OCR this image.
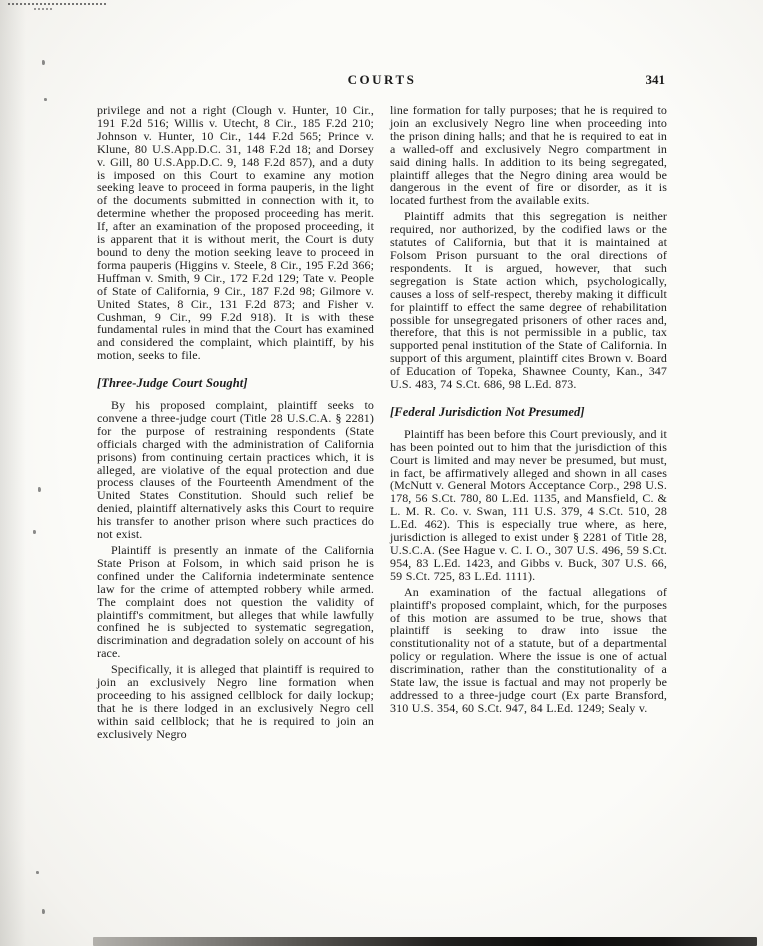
COURTS	341

privilege and not a right (Clough v. Hunter, 10 Cir., 191 F.2d 516; Willis v. Utecht, 8 Cir., 185 F.2d 210; Johnson v. Hunter, 10 Cir., 144 F.2d 565; Prince v. Klune, 80 U.S.App.D.C. 31, 148 F.2d 18; and Dorsey v. Gill, 80 U.S.App.D.C. 9, 148 F.2d 857), and a duty is imposed on this Court to examine any motion seeking leave to proceed in forma pauperis, in the light of the documents submitted in connection with it, to determine whether the proposed proceeding has merit. If, after an examination of the proposed proceeding, it is apparent that it is without merit, the Court is duty bound to deny the motion seeking leave to proceed in forma pauperis (Higgins v. Steele, 8 Cir., 195 F.2d 366; Huffman v. Smith, 9 Cir., 172 F.2d 129; Tate v. People of State of California, 9 Cir., 187 F.2d 98; Gilmore v. United States, 8 Cir., 131 F.2d 873; and Fisher v. Cushman, 9 Cir., 99 F.2d 918). It is with these fundamental rules in mind that the Court has examined and considered the complaint, which plaintiff, by his motion, seeks to file.

[Three-Judge Court Sought]

By his proposed complaint, plaintiff seeks to convene a three-judge court (Title 28 U.S.C.A. § 2281) for the purpose of restraining respondents (State officials charged with the administration of California prisons) from continuing certain practices which, it is alleged, are violative of the equal protection and due process clauses of the Fourteenth Amendment of the United States Constitution. Should such relief be denied, plaintiff alternatively asks this Court to require his transfer to another prison where such practices do not exist.

Plaintiff is presently an inmate of the California State Prison at Folsom, in which said prison he is confined under the California indeterminate sentence law for the crime of attempted robbery while armed. The complaint does not question the validity of plaintiff's commitment, but alleges that while lawfully confined he is subjected to systematic segregation, discrimination and degradation solely on account of his race.

Specifically, it is alleged that plaintiff is required to join an exclusively Negro line formation when proceeding to his assigned cellblock for daily lockup; that he is there lodged in an exclusively Negro cell within said cellblock; that he is required to join an exclusively Negro

line formation for tally purposes; that he is required to join an exclusively Negro line when proceeding into the prison dining halls; and that he is required to eat in a walled-off and exclusively Negro compartment in said dining halls. In addition to its being segregated, plaintiff alleges that the Negro dining area would be dangerous in the event of fire or disorder, as it is located furthest from the available exits.

Plaintiff admits that this segregation is neither required, nor authorized, by the codified laws or the statutes of California, but that it is maintained at Folsom Prison pursuant to the oral directions of respondents. It is argued, however, that such segregation is State action which, psychologically, causes a loss of self-respect, thereby making it difficult for plaintiff to effect the same degree of rehabilitation possible for unsegregated prisoners of other races and, therefore, that this is not permissible in a public, tax supported penal institution of the State of California. In support of this argument, plaintiff cites Brown v. Board of Education of Topeka, Shawnee County, Kan., 347 U.S. 483, 74 S.Ct. 686, 98 L.Ed. 873.

[Federal Jurisdiction Not Presumed]

Plaintiff has been before this Court previously, and it has been pointed out to him that the jurisdiction of this Court is limited and may never be presumed, but must, in fact, be affirmatively alleged and shown in all cases (McNutt v. General Motors Acceptance Corp., 298 U.S. 178, 56 S.Ct. 780, 80 L.Ed. 1135, and Mansfield, C. & L. M. R. Co. v. Swan, 111 U.S. 379, 4 S.Ct. 510, 28 L.Ed. 462). This is especially true where, as here, jurisdiction is alleged to exist under § 2281 of Title 28, U.S.C.A. (See Hague v. C. I. O., 307 U.S. 496, 59 S.Ct. 954, 83 L.Ed. 1423, and Gibbs v. Buck, 307 U.S. 66, 59 S.Ct. 725, 83 L.Ed. 1111).

An examination of the factual allegations of plaintiff's proposed complaint, which, for the purposes of this motion are assumed to be true, shows that plaintiff is seeking to draw into issue the constitutionality not of a statute, but of a departmental policy or regulation. Where the issue is one of actual discrimination, rather than the constitutionality of a State law, the issue is factual and may not properly be addressed to a three-judge court (Ex parte Bransford, 310 U.S. 354, 60 S.Ct. 947, 84 L.Ed. 1249; Sealy v.
